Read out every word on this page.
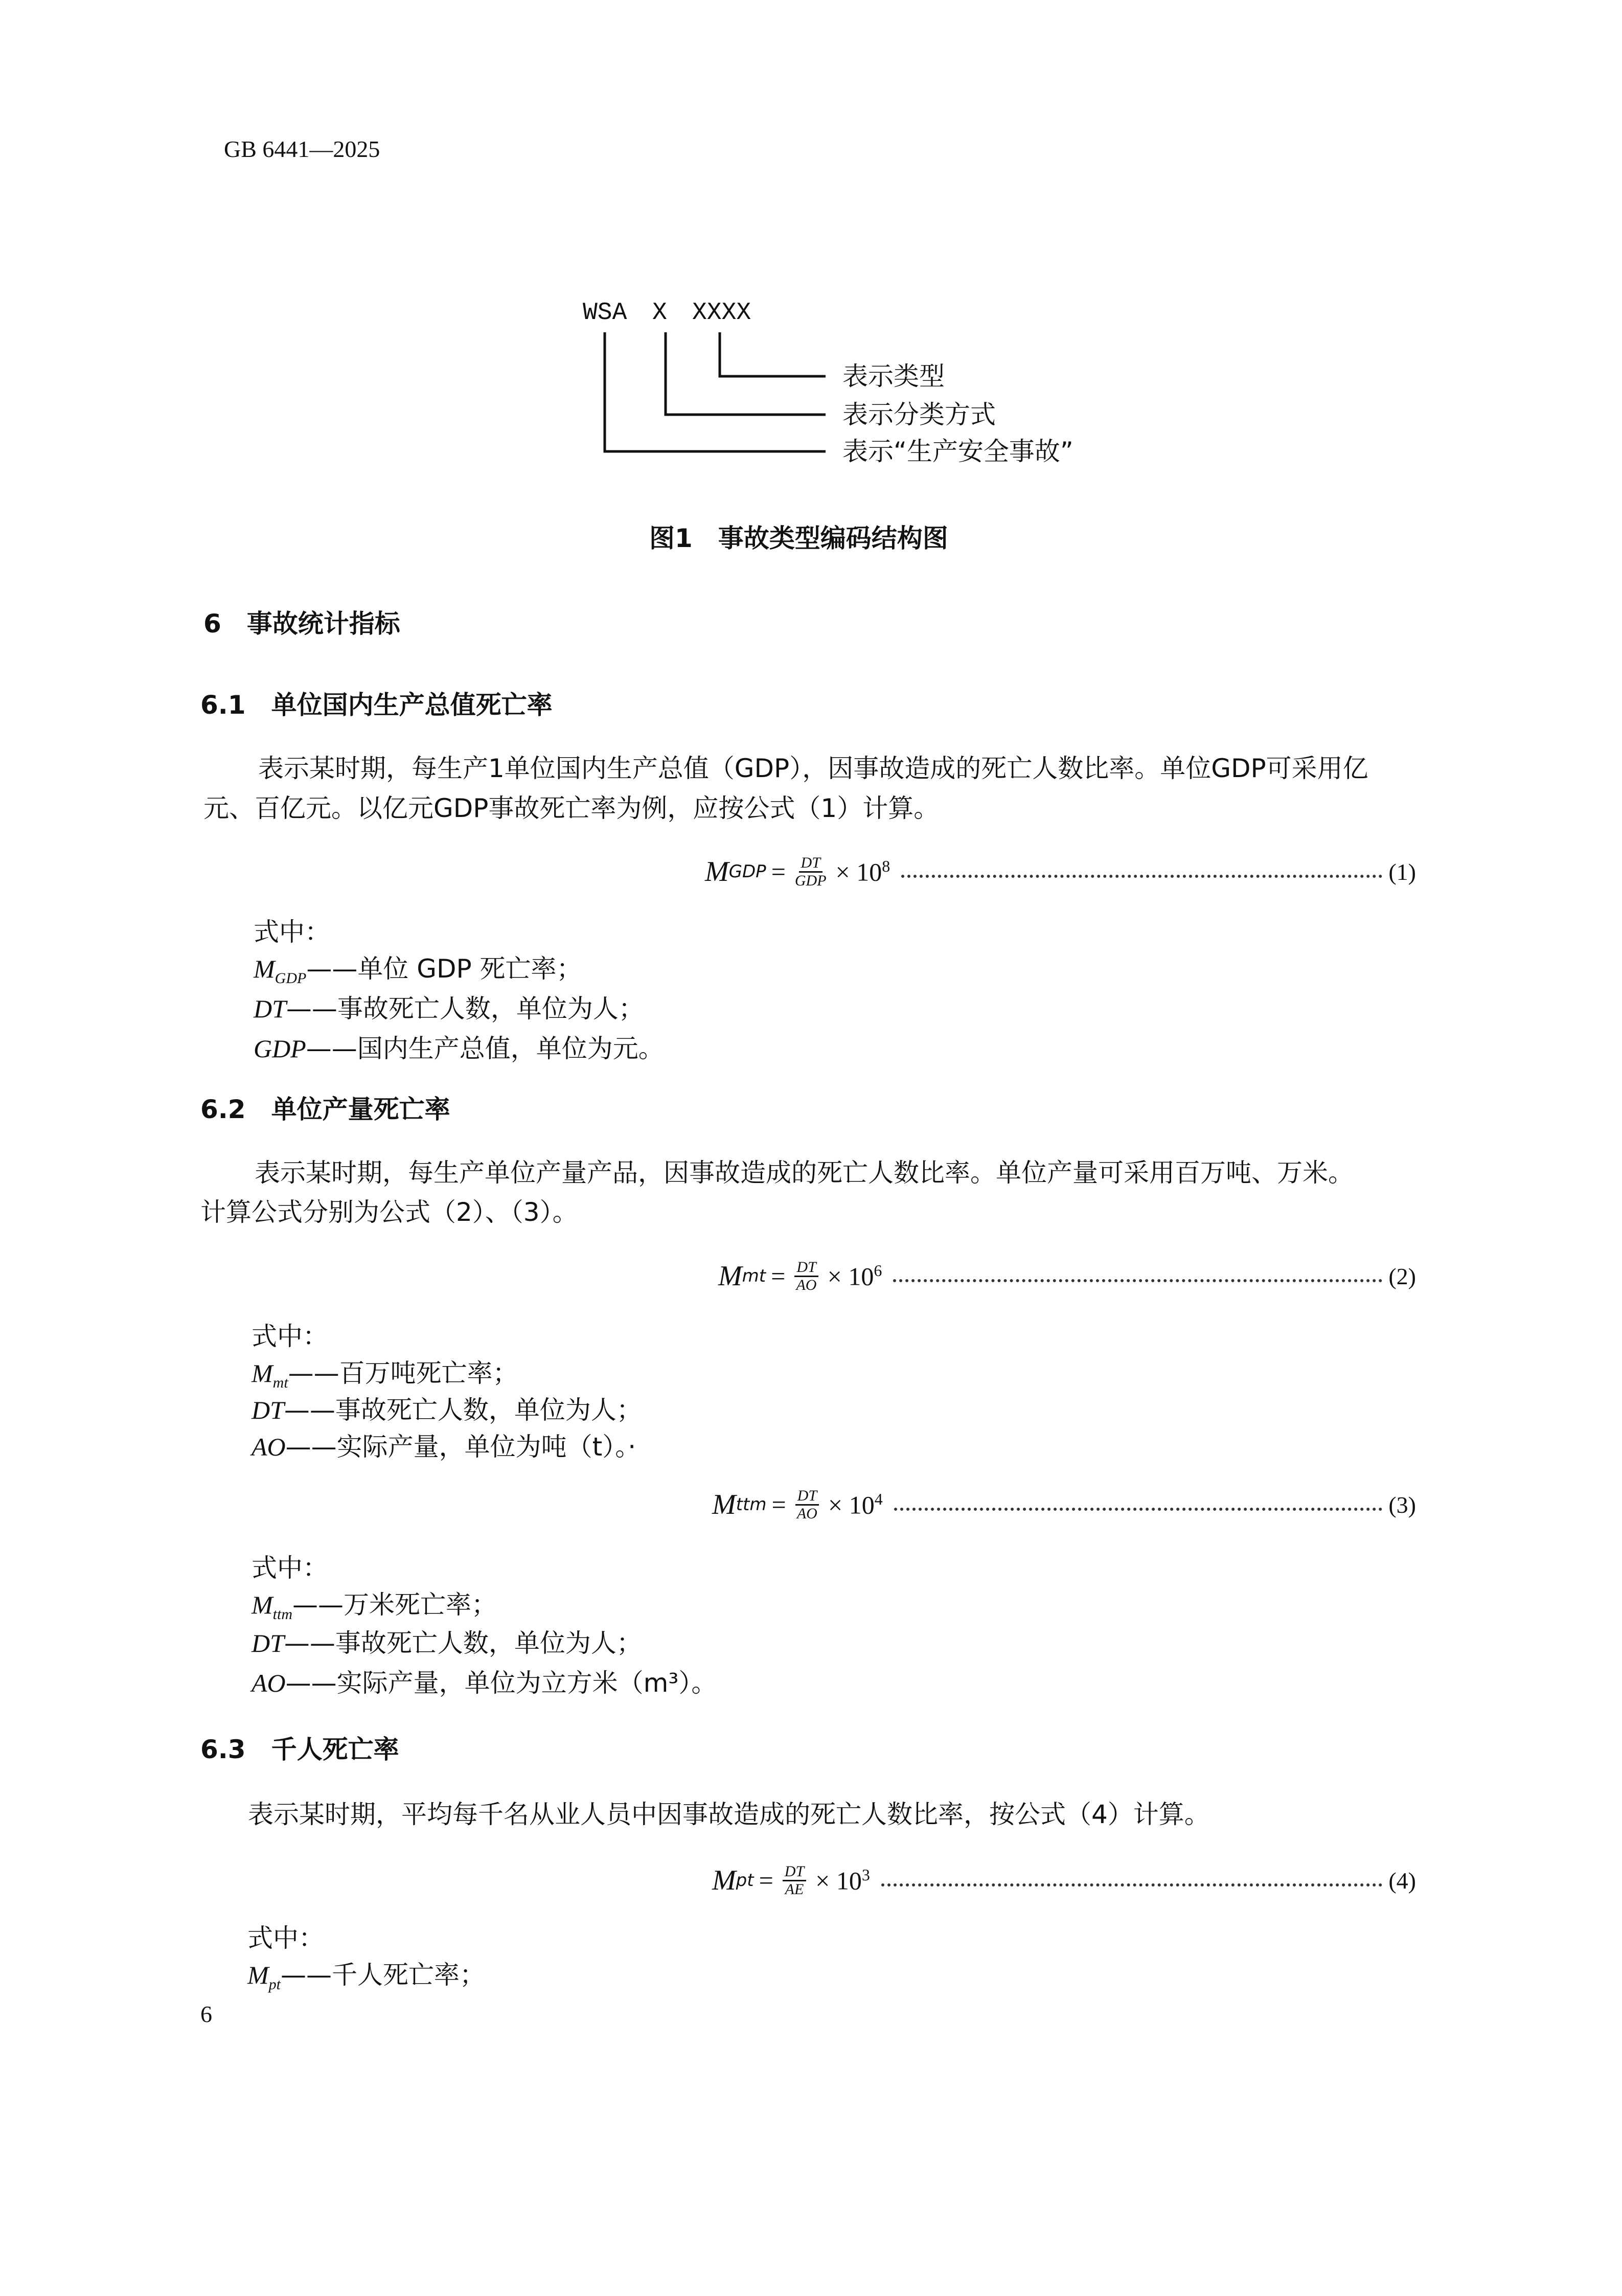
GB 6441—2025
WSA X XXXX
表示类型
表示分类方式
表示“生产安全事故”
图1　事故类型编码结构图
6　事故统计指标
6.1　单位国内生产总值死亡率
表示某时期，每生产1单位国内生产总值（GDP），因事故造成的死亡人数比率。单位GDP可采用亿
元、百亿元。以亿元GDP事故死亡率为例，应按公式（1）计算。
M GDP = $\frac{DT}{\text{GDP}} \times 10^8$	(1)
式中：
$M_{GDP}——$单位 GDP 死亡率；
DT——事故死亡人数，单位为人；
GDP——国内生产总值，单位为元。
6.2　单位产量死亡率
表示某时期，每生产单位产量产品，因事故造成的死亡人数比率。单位产量可采用百万吨、万米。
计算公式分别为公式（2）、（3）。
M mt = $\frac{DT}{AO} \times 10^6$	(2)
式中：
$M_{mt}——$百万吨死亡率；
DT——事故死亡人数，单位为人；
AO——实际产量，单位为吨（t）。·
M ttm = $\frac{DT}{AO} \times 10^4$	(3)
式中：
$M_{ttm}——$万米死亡率；
DT——事故死亡人数，单位为人；
AO——实际产量，单位为立方米（m³）。
6.3　千人死亡率
表示某时期，平均每千名从业人员中因事故造成的死亡人数比率，按公式（4）计算。
M pt = $\frac{DT}{AE} \times 10^3$	(4)
式中：
$M_{pt}——$千人死亡率；
6
